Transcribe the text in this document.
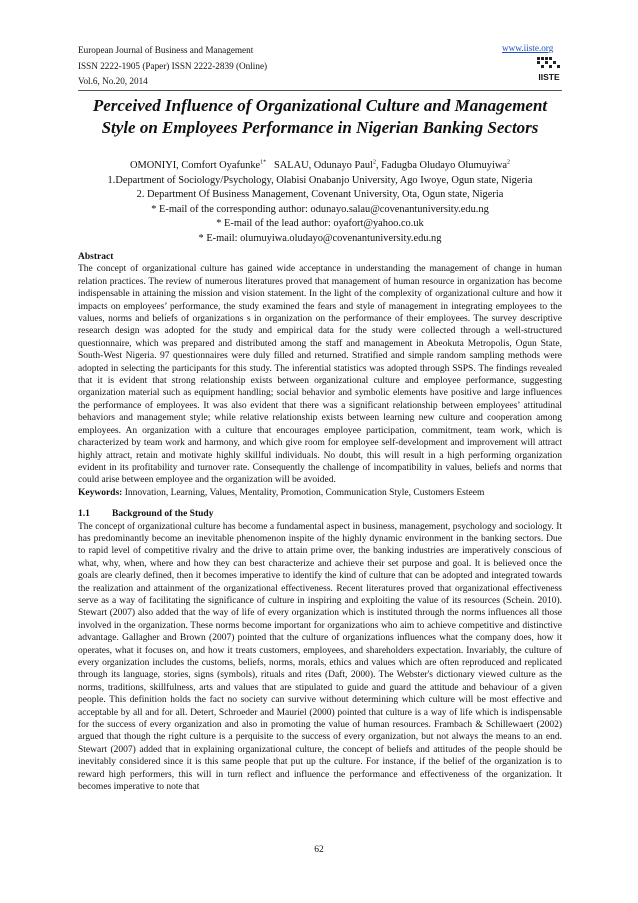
European Journal of Business and Management
ISSN 2222-1905 (Paper) ISSN 2222-2839 (Online)
Vol.6, No.20, 2014
www.iiste.org
IISTE
Perceived Influence of Organizational Culture and Management Style on Employees Performance in Nigerian Banking Sectors
OMONIYI, Comfort Oyafunke$^{1*}$ SALAU, Odunayo Paul$^2$, Fadugba Oludayo Olumuyiwa$^2$
1.Department of Sociology/Psychology, Olabisi Onabanjo University, Ago Iwoye, Ogun state, Nigeria
2. Department Of Business Management, Covenant University, Ota, Ogun state, Nigeria
* E-mail of the corresponding author: odunayo.salau@covenantuniversity.edu.ng
* E-mail of the lead author: oyafort@yahoo.co.uk
* E-mail: olumuyiwa.oludayo@covenantuniversity.edu.ng

Abstract

The concept of organizational culture has gained wide acceptance in understanding the management of change in human relation practices. The review of numerous literatures proved that management of human resource in organization has become indispensable in attaining the mission and vision statement. In the light of the complexity of organizational culture and how it impacts on employees’ performance, the study examined the fears and style of management in integrating employees to the values, norms and beliefs of organizations s in organization on the performance of their employees. The survey descriptive research design was adopted for the study and empirical data for the study were collected through a well-structured questionnaire, which was prepared and distributed among the staff and management in Abeokuta Metropolis, Ogun State, South-West Nigeria. 97 questionnaires were duly filled and returned. Stratified and simple random sampling methods were adopted in selecting the participants for this study. The inferential statistics was adopted through SSPS. The findings revealed that it is evident that strong relationship exists between organizational culture and employee performance, suggesting organization material such as equipment handling; social behavior and symbolic elements have positive and large influences the performance of employees. It was also evident that there was a significant relationship between employees’ attitudinal behaviors and management style; while relative relationship exists between learning new culture and cooperation among employees. An organization with a culture that encourages employee participation, commitment, team work, which is characterized by team work and harmony, and which give room for employee self-development and improvement will attract highly attract, retain and motivate highly skillful individuals. No doubt, this will result in a high performing organization evident in its profitability and turnover rate. Consequently the challenge of incompatibility in values, beliefs and norms that could arise between employee and the organization will be avoided.

Keywords: Innovation, Learning, Values, Mentality, Promotion, Communication Style, Customers Esteem

1.1 Background of the Study

The concept of organizational culture has become a fundamental aspect in business, management, psychology and sociology. It has predominantly become an inevitable phenomenon inspite of the highly dynamic environment in the banking sectors. Due to rapid level of competitive rivalry and the drive to attain prime over, the banking industries are imperatively conscious of what, why, when, where and how they can best characterize and achieve their set purpose and goal. It is believed once the goals are clearly defined, then it becomes imperative to identify the kind of culture that can be adopted and integrated towards the realization and attainment of the organizational effectiveness. Recent literatures proved that organizational effectiveness serve as a way of facilitating the significance of culture in inspiring and exploiting the value of its resources (Schein. 2010). Stewart (2007) also added that the way of life of every organization which is instituted through the norms influences all those involved in the organization. These norms become important for organizations who aim to achieve competitive and distinctive advantage. Gallagher and Brown (2007) pointed that the culture of organizations influences what the company does, how it operates, what it focuses on, and how it treats customers, employees, and shareholders expectation. Invariably, the culture of every organization includes the customs, beliefs, norms, morals, ethics and values which are often reproduced and replicated through its language, stories, signs (symbols), rituals and rites (Daft, 2000). The Webster's dictionary viewed culture as the norms, traditions, skillfulness, arts and values that are stipulated to guide and guard the attitude and behaviour of a given people. This definition holds the fact no society can survive without determining which culture will be most effective and acceptable by all and for all. Detert, Schroeder and Mauriel (2000) pointed that culture is a way of life which is indispensable for the success of every organization and also in promoting the value of human resources. Frambach & Schillewaert (2002) argued that though the right culture is a perquisite to the success of every organization, but not always the means to an end. Stewart (2007) added that in explaining organizational culture, the concept of beliefs and attitudes of the people should be inevitably considered since it is this same people that put up the culture. For instance, if the belief of the organization is to reward high performers, this will in turn reflect and influence the performance and effectiveness of the organization. It becomes imperative to note that

62
